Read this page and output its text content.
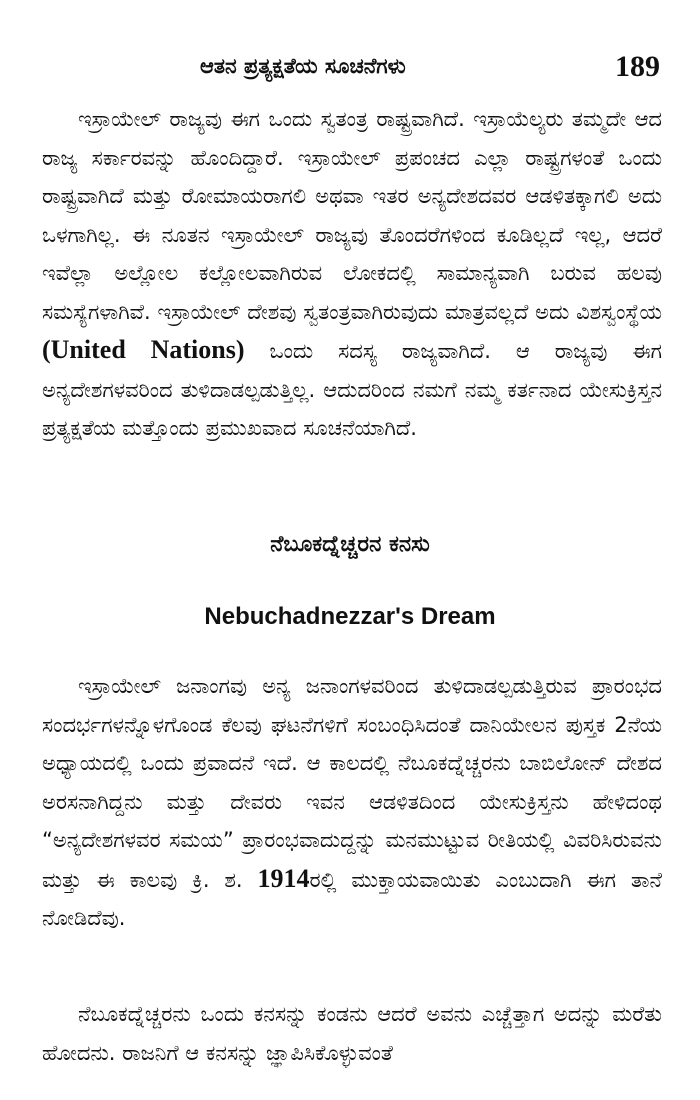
ಆತನ ಪ್ರತ್ಯಕ್ಷತೆಯ ಸೂಚನೆಗಳು	189

ಇಸ್ರಾಯೇಲ್ ರಾಜ್ಯವು ಈಗ ಒಂದು ಸ್ವತಂತ್ರ ರಾಷ್ಟ್ರವಾಗಿದೆ. ಇಸ್ರಾಯೆಲ್ಯರು ತಮ್ಮದೇ ಆದ ರಾಜ್ಯ ಸರ್ಕಾರವನ್ನು ಹೊಂದಿದ್ದಾರೆ. ಇಸ್ರಾಯೇಲ್ ಪ್ರಪಂಚದ ಎಲ್ಲಾ ರಾಷ್ಟ್ರಗಳಂತೆ ಒಂದು ರಾಷ್ಟ್ರವಾಗಿದೆ ಮತ್ತು ರೋಮಾಯರಾಗಲಿ ಅಥವಾ ಇತರ ಅನ್ಯದೇಶದವರ ಆಡಳಿತಕ್ಕಾಗಲಿ ಅದು ಒಳಗಾಗಿಲ್ಲ. ಈ ನೂತನ ಇಸ್ರಾಯೇಲ್ ರಾಜ್ಯವು ತೊಂದರೆಗಳಿಂದ ಕೂಡಿಲ್ಲದೆ ಇಲ್ಲ, ಆದರೆ ಇವೆಲ್ಲಾ ಅಲ್ಲೋಲ ಕಲ್ಲೋಲವಾಗಿರುವ ಲೋಕದಲ್ಲಿ ಸಾಮಾನ್ಯವಾಗಿ ಬರುವ ಹಲವು ಸಮಸ್ಯೆಗಳಾಗಿವೆ. ಇಸ್ರಾಯೇಲ್ ದೇಶವು ಸ್ವತಂತ್ರವಾಗಿರುವುದು ಮಾತ್ರವಲ್ಲದೆ ಅದು ವಿಶಸ್ವಂಸ್ಥೆಯ (United Nations) ಒಂದು ಸದಸ್ಯ ರಾಜ್ಯವಾಗಿದೆ. ಆ ರಾಜ್ಯವು ಈಗ ಅನ್ಯದೇಶಗಳವರಿಂದ ತುಳಿದಾಡಲ್ಪಡುತ್ತಿಲ್ಲ. ಆದುದರಿಂದ ನಮಗೆ ನಮ್ಮ ಕರ್ತನಾದ ಯೇಸುಕ್ರಿಸ್ತನ ಪ್ರತ್ಯಕ್ಷತೆಯ ಮತ್ತೊಂದು ಪ್ರಮುಖವಾದ ಸೂಚನೆಯಾಗಿದೆ.

ನೆಬೂಕದ್ನೆಚ್ಚರನ ಕನಸು
Nebuchadnezzar's Dream

ಇಸ್ರಾಯೇಲ್ ಜನಾಂಗವು ಅನ್ಯ ಜನಾಂಗಳವರಿಂದ ತುಳಿದಾಡಲ್ಪಡುತ್ತಿರುವ ಪ್ರಾರಂಭದ ಸಂದರ್ಭಗಳನ್ನೊಳಗೊಂಡ ಕೆಲವು ಘಟನೆಗಳಿಗೆ ಸಂಬಂಧಿಸಿದಂತೆ ದಾನಿಯೇಲನ ಪುಸ್ತಕ 2ನೆಯ ಅಧ್ಯಾಯದಲ್ಲಿ ಒಂದು ಪ್ರವಾದನೆ ಇದೆ. ಆ ಕಾಲದಲ್ಲಿ ನೆಬೂಕದ್ನೆಚ್ಚರನು ಬಾಬಿಲೋನ್ ದೇಶದ ಅರಸನಾಗಿದ್ದನು ಮತ್ತು ದೇವರು ಇವನ ಆಡಳಿತದಿಂದ ಯೇಸುಕ್ರಿಸ್ತನು ಹೇಳಿದಂಥ “ಅನ್ಯದೇಶಗಳವರ ಸಮಯ” ಪ್ರಾರಂಭವಾದುದ್ದನ್ನು ಮನಮುಟ್ಟುವ ರೀತಿಯಲ್ಲಿ ವಿವರಿಸಿರುವನು ಮತ್ತು ಈ ಕಾಲವು ಕ್ರಿ. ಶ. 1914ರಲ್ಲಿ ಮುಕ್ತಾಯವಾಯಿತು ಎಂಬುದಾಗಿ ಈಗ ತಾನೆ ನೋಡಿದೆವು.

ನೆಬೂಕದ್ನೆಚ್ಚರನು ಒಂದು ಕನಸನ್ನು ಕಂಡನು ಆದರೆ ಅವನು ಎಚ್ಚೆತ್ತಾಗ ಅದನ್ನು ಮರೆತು ಹೋದನು. ರಾಜನಿಗೆ ಆ ಕನಸನ್ನು ಜ್ಞಾಪಿಸಿಕೊಳ್ಳುವಂತೆ
